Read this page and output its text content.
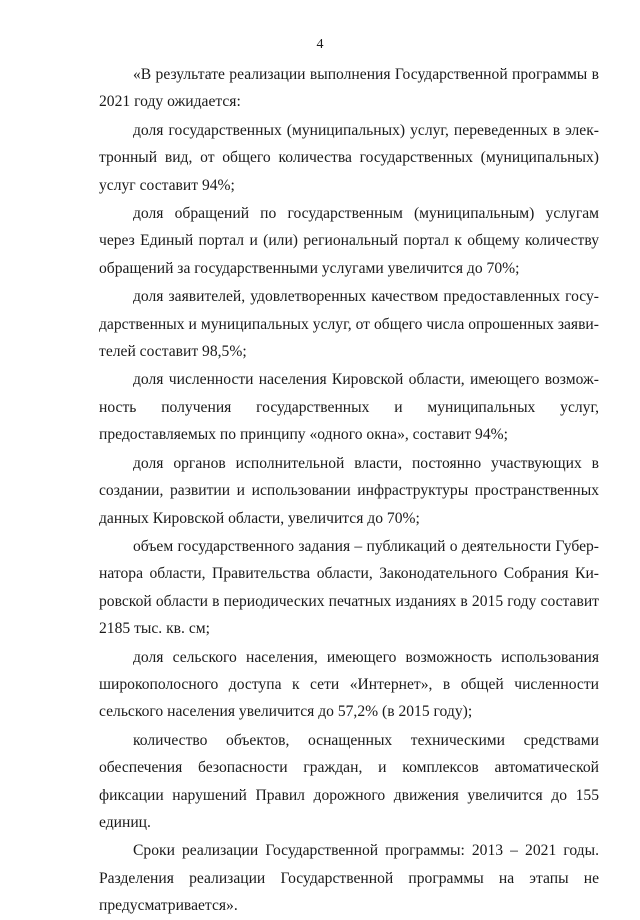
4

«В результате реализации выполнения Государственной программы в 2021 году ожидается:

доля государственных (муниципальных) услуг, переведенных в электронный вид, от общего количества государственных (муниципальных) услуг составит 94%;

доля обращений по государственным (муниципальным) услугам через Единый портал и (или) региональный портал к общему количеству обращений за государственными услугами увеличится до 70%;

доля заявителей, удовлетворенных качеством предоставленных государственных и муниципальных услуг, от общего числа опрошенных заявителей составит 98,5%;

доля численности населения Кировской области, имеющего возможность получения государственных и муниципальных услуг, предоставляемых по принципу «одного окна», составит 94%;

доля органов исполнительной власти, постоянно участвующих в создании, развитии и использовании инфраструктуры пространственных данных Кировской области, увеличится до 70%;

объем государственного задания – публикаций о деятельности Губернатора области, Правительства области, Законодательного Собрания Кировской области в периодических печатных изданиях в 2015 году составит 2185 тыс. кв. см;

доля сельского населения, имеющего возможность использования широкополосного доступа к сети «Интернет», в общей численности сельского населения увеличится до 57,2% (в 2015 году);

количество объектов, оснащенных техническими средствами обеспечения безопасности граждан, и комплексов автоматической фиксации нарушений Правил дорожного движения увеличится до 155 единиц.

Сроки реализации Государственной программы: 2013 – 2021 годы. Разделения реализации Государственной программы на этапы не предусматривается».
